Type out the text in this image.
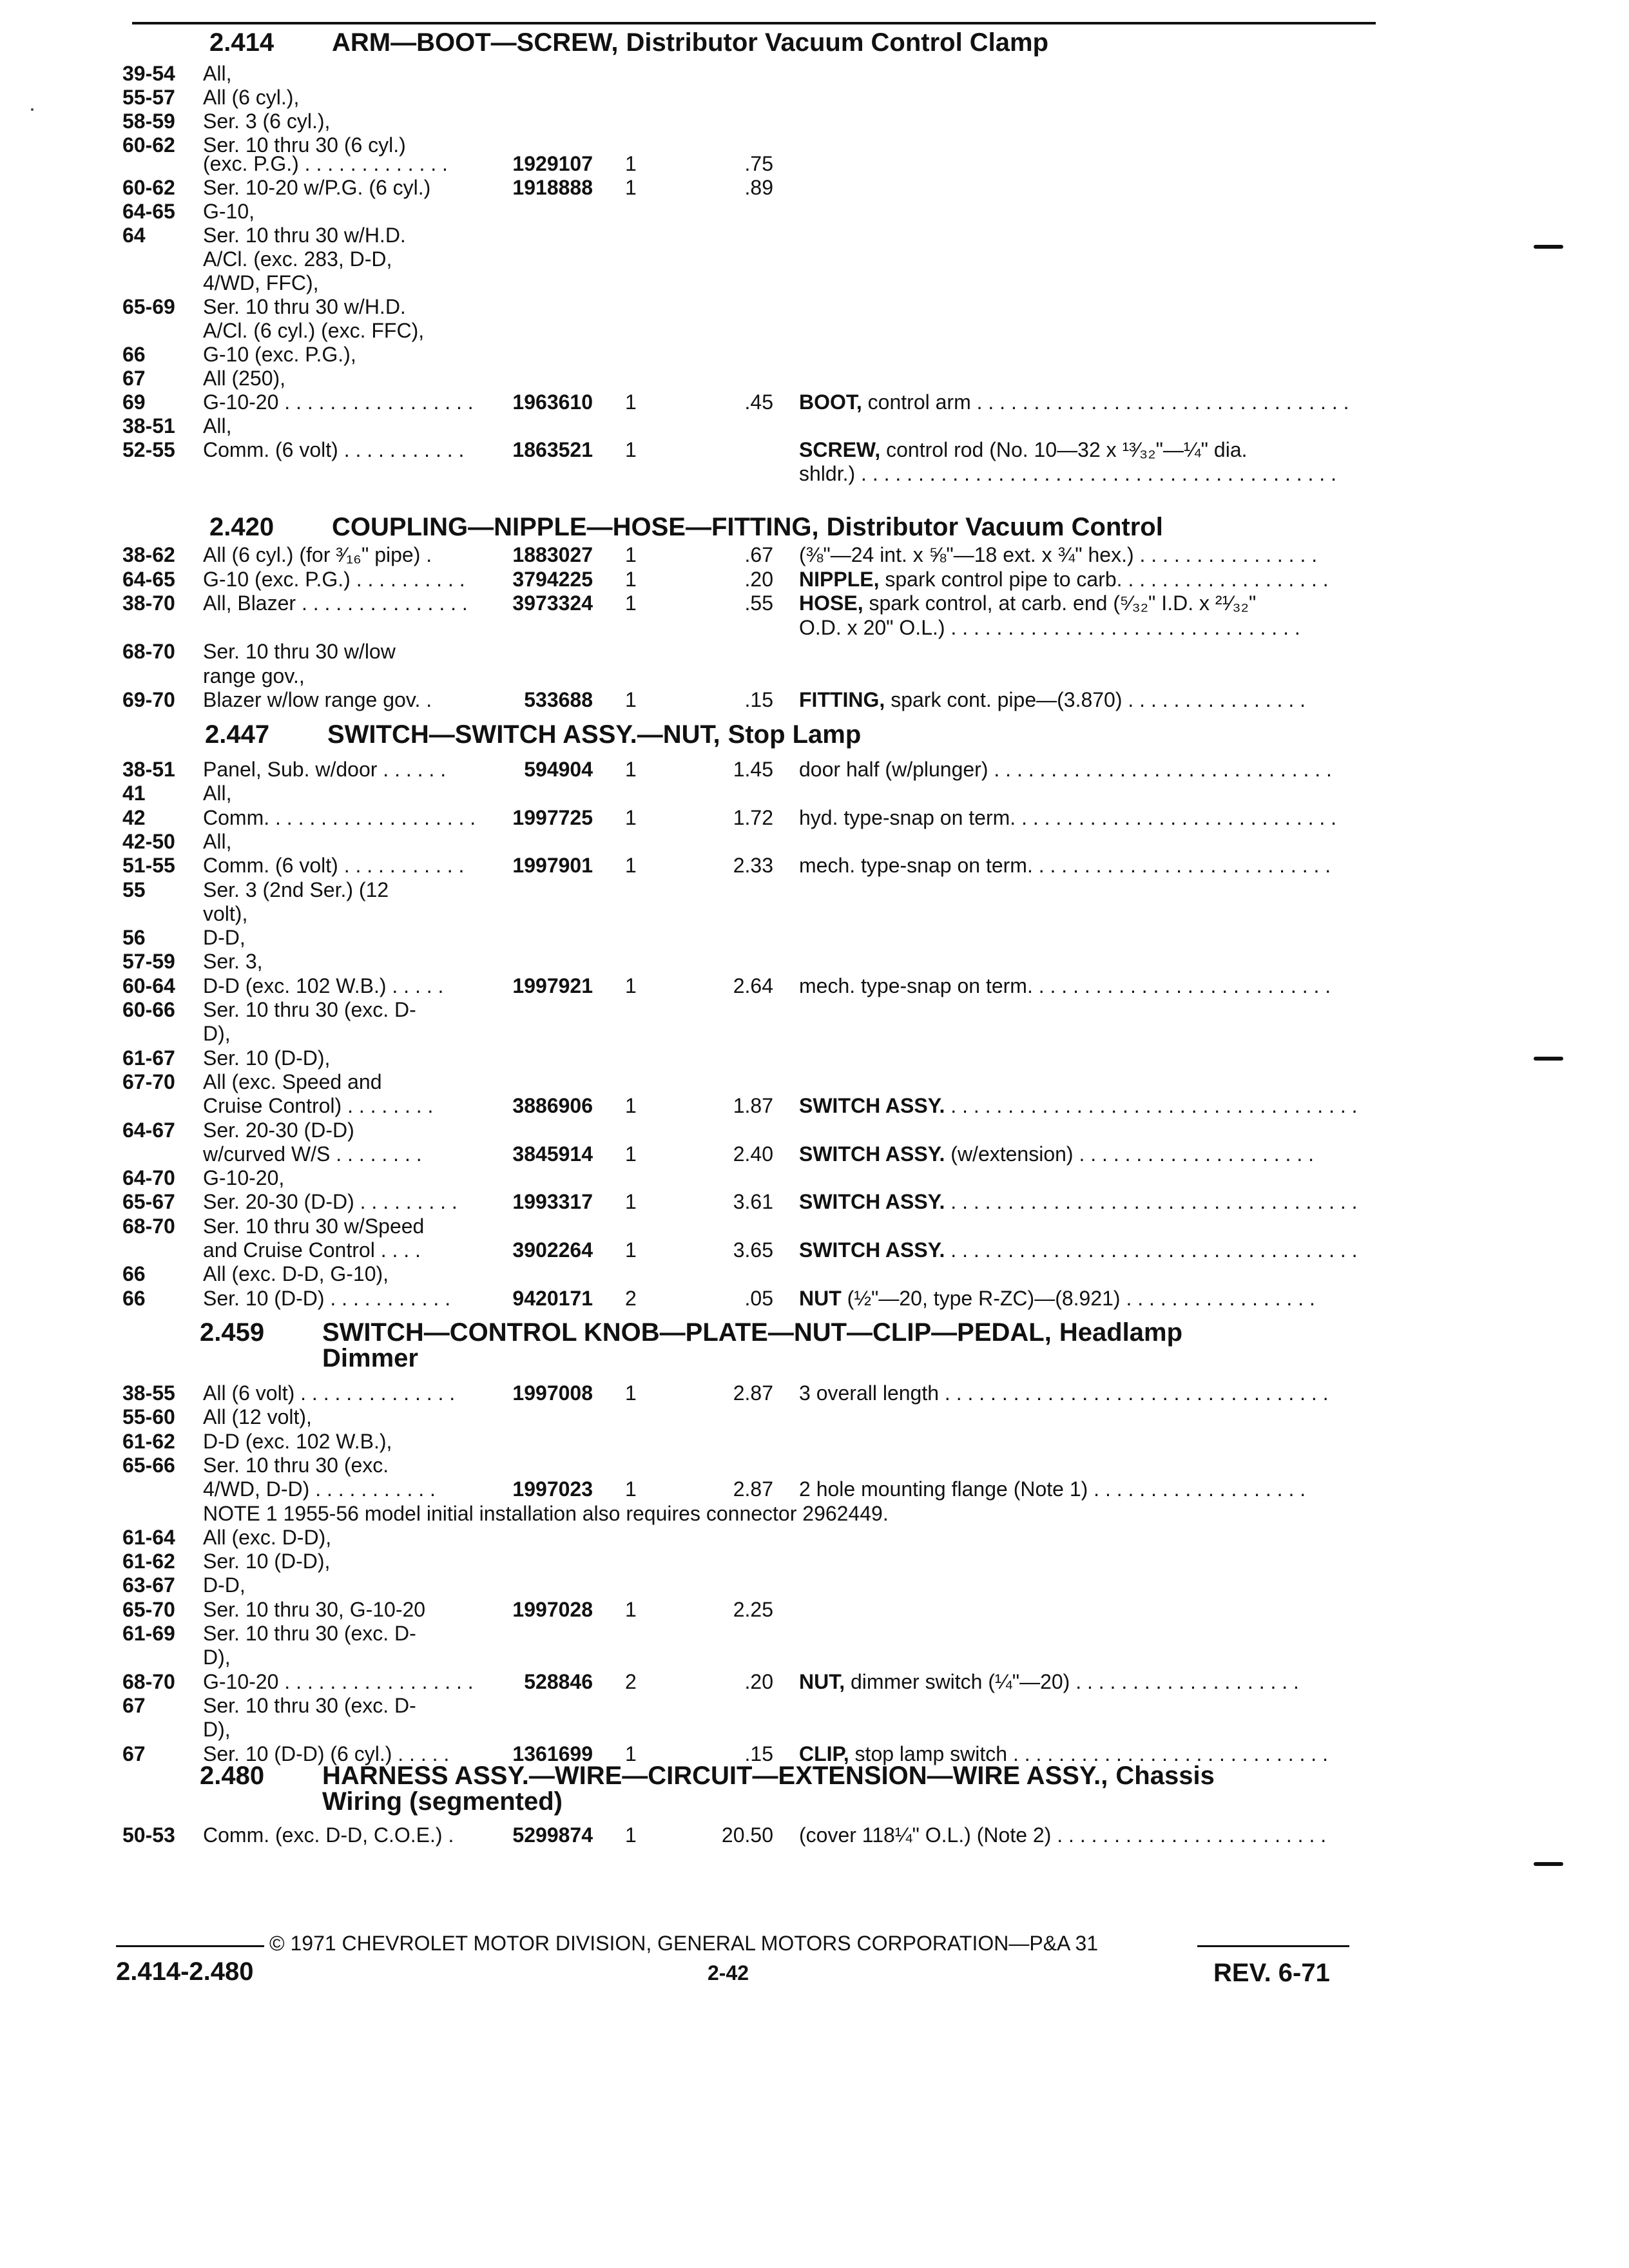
2.414 ARM—BOOT—SCREW, Distributor Vacuum Control Clamp
39-54 All,
55-57 All (6 cyl.),
58-59 Ser. 3 (6 cyl.),
60-62 Ser. 10 thru 30 (6 cyl.)
(exc. P.G.) . . . . . . . . . . . . .	1929107 1	.75
60-62 Ser. 10-20 w/P.G. (6 cyl.)	1918888 1	.89
64-65 G-10,
64	Ser. 10 thru 30 w/H.D.
A/Cl. (exc. 283, D-D,
4/WD, FFC),
65-69 Ser. 10 thru 30 w/H.D.
A/Cl. (6 cyl.) (exc. FFC),
66	G-10 (exc. P.G.),
67	All (250),
69	G-10-20 . . . . . . . . . . . . . . . . .	1963610 1	.45 BOOT, control arm . . . . . . . . . . . . . . . . . . . . . . . . . . . . . . . . .
38-51 All,
52-55 Comm. (6 volt) . . . . . . . . . . .	1863521 1	SCREW, control rod (No. 10—32 x ¹³⁄₃₂"—¼" dia.
shldr.) . . . . . . . . . . . . . . . . . . . . . . . . . . . . . . . . . . . . . . . . . .
2.420 COUPLING—NIPPLE—HOSE—FITTING, Distributor Vacuum Control
38-62 All (6 cyl.) (for ³⁄₁₆" pipe) .	1883027 1	.67 (⅜"—24 int. x ⅝"—18 ext. x ¾" hex.) . . . . . . . . . . . . . . . .
64-65 G-10 (exc. P.G.) . . . . . . . . . .	3794225 1	.20 NIPPLE, spark control pipe to carb. . . . . . . . . . . . . . . . . . .
38-70 All, Blazer . . . . . . . . . . . . . . .	3973324 1	.55 HOSE, spark control, at carb. end (⁵⁄₃₂" I.D. x ²¹⁄₃₂"
O.D. x 20" O.L.) . . . . . . . . . . . . . . . . . . . . . . . . . . . . . . .
68-70 Ser. 10 thru 30 w/low
range gov.,
69-70 Blazer w/low range gov. .	533688 1	.15 FITTING, spark cont. pipe—(3.870) . . . . . . . . . . . . . . . .
2.447 SWITCH—SWITCH ASSY.—NUT, Stop Lamp
38-51 Panel, Sub. w/door . . . . . .	594904 1	1.45 door half (w/plunger) . . . . . . . . . . . . . . . . . . . . . . . . . . . . . .
41	All,
42	Comm. . . . . . . . . . . . . . . . . . .	1997725 1	1.72 hyd. type-snap on term. . . . . . . . . . . . . . . . . . . . . . . . . . . . .
42-50 All,
51-55 Comm. (6 volt) . . . . . . . . . . .	1997901 1	2.33 mech. type-snap on term. . . . . . . . . . . . . . . . . . . . . . . . . . .
55	Ser. 3 (2nd Ser.) (12
volt),
56	D-D,
57-59 Ser. 3,
60-64 D-D (exc. 102 W.B.) . . . . .	1997921 1	2.64 mech. type-snap on term. . . . . . . . . . . . . . . . . . . . . . . . . . .
60-66 Ser. 10 thru 30 (exc. D-
D),
61-67 Ser. 10 (D-D),
67-70 All (exc. Speed and
Cruise Control) . . . . . . . .	3886906 1	1.87 SWITCH ASSY. . . . . . . . . . . . . . . . . . . . . . . . . . . . . . . . . . . . .
64-67 Ser. 20-30 (D-D)
w/curved W/S . . . . . . . .	3845914 1	2.40 SWITCH ASSY. (w/extension) . . . . . . . . . . . . . . . . . . . . .
64-70 G-10-20,
65-67 Ser. 20-30 (D-D) . . . . . . . . .	1993317 1	3.61 SWITCH ASSY. . . . . . . . . . . . . . . . . . . . . . . . . . . . . . . . . . . . .
68-70 Ser. 10 thru 30 w/Speed
and Cruise Control . . . .	3902264 1	3.65 SWITCH ASSY. . . . . . . . . . . . . . . . . . . . . . . . . . . . . . . . . . . . .
66	All (exc. D-D, G-10),
66	Ser. 10 (D-D) . . . . . . . . . . .	9420171 2	.05 NUT (½"—20, type R-ZC)—(8.921) . . . . . . . . . . . . . . . . .
2.459 SWITCH—CONTROL KNOB—PLATE—NUT—CLIP—PEDAL, Headlamp
Dimmer
38-55 All (6 volt) . . . . . . . . . . . . . .	1997008 1	2.87 3 overall length . . . . . . . . . . . . . . . . . . . . . . . . . . . . . . . . . .
55-60 All (12 volt),
61-62 D-D (exc. 102 W.B.),
65-66 Ser. 10 thru 30 (exc.
4/WD, D-D) . . . . . . . . . . .	1997023 1	2.87 2 hole mounting flange (Note 1) . . . . . . . . . . . . . . . . . . .
NOTE 1 1955-56 model initial installation also requires connector 2962449.
61-64 All (exc. D-D),
61-62 Ser. 10 (D-D),
63-67 D-D,
65-70 Ser. 10 thru 30, G-10-20	1997028 1	2.25
61-69 Ser. 10 thru 30 (exc. D-
D),
68-70 G-10-20 . . . . . . . . . . . . . . . . .	528846 2	.20 NUT, dimmer switch (¼"—20) . . . . . . . . . . . . . . . . . . . .
67	Ser. 10 thru 30 (exc. D-
D),
67	Ser. 10 (D-D) (6 cyl.) . . . . .	1361699 1	.15 CLIP, stop lamp switch . . . . . . . . . . . . . . . . . . . . . . . . . . . .
2.480 HARNESS ASSY.—WIRE—CIRCUIT—EXTENSION—WIRE ASSY., Chassis
Wiring (segmented)
50-53 Comm. (exc. D-D, C.O.E.) .	5299874 1	20.50 (cover 118¼" O.L.) (Note 2) . . . . . . . . . . . . . . . . . . . . . . . .
© 1971 CHEVROLET MOTOR DIVISION, GENERAL MOTORS CORPORATION—P&A 31
2.414-2.480	2-42	REV. 6-71
